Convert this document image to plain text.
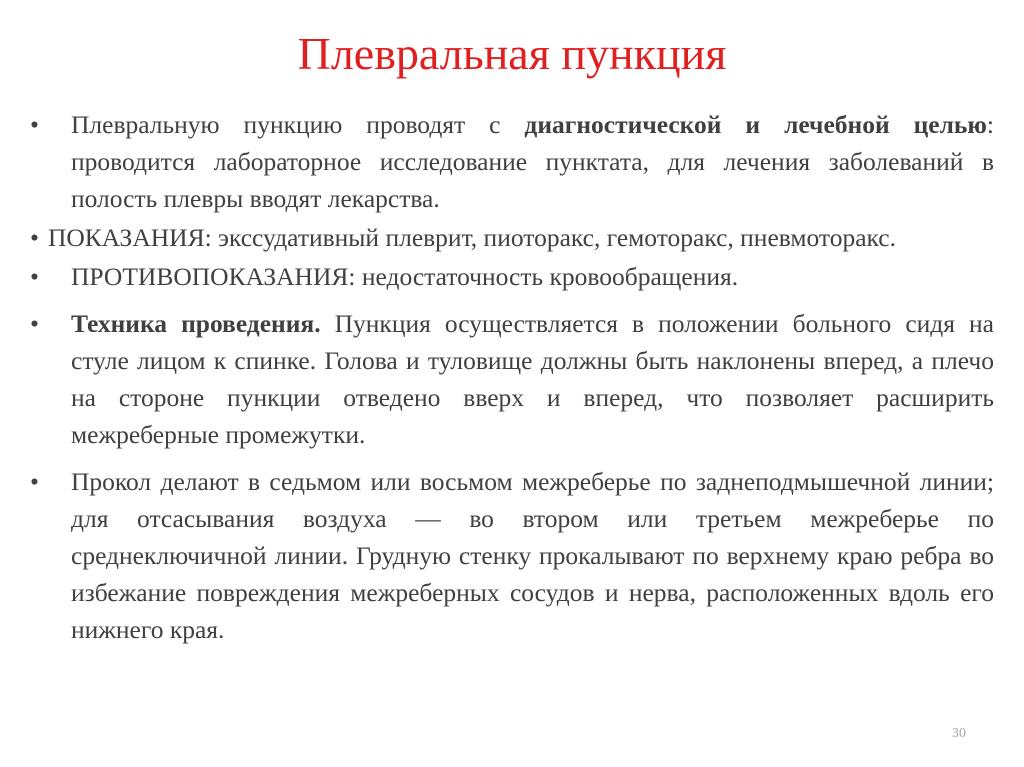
Плевральная пункция
•	Плевральную пункцию проводят с диагностической и лечебной целью: проводится лабораторное исследование пунктата, для лечения заболеваний в полость плевры вводят лекарства.
• ПОКАЗАНИЯ: экссудативный плеврит, пиоторакс, гемоторакс, пневмоторакс.
•	ПРОТИВОПОКАЗАНИЯ: недостаточность кровообращения.
•	Техника проведения. Пункция осуществляется в положении больного сидя на стуле лицом к спинке. Голова и туловище должны быть наклонены вперед, а плечо на стороне пункции отведено вверх и вперед, что позволяет расширить межреберные промежутки.
•	Прокол делают в седьмом или восьмом межреберье по заднеподмышечной линии; для отсасывания воздуха — во втором или третьем межреберье по среднеключичной линии. Грудную стенку прокалывают по верхнему краю ребра во избежание повреждения межреберных сосудов и нерва, расположенных вдоль его нижнего края.
30
